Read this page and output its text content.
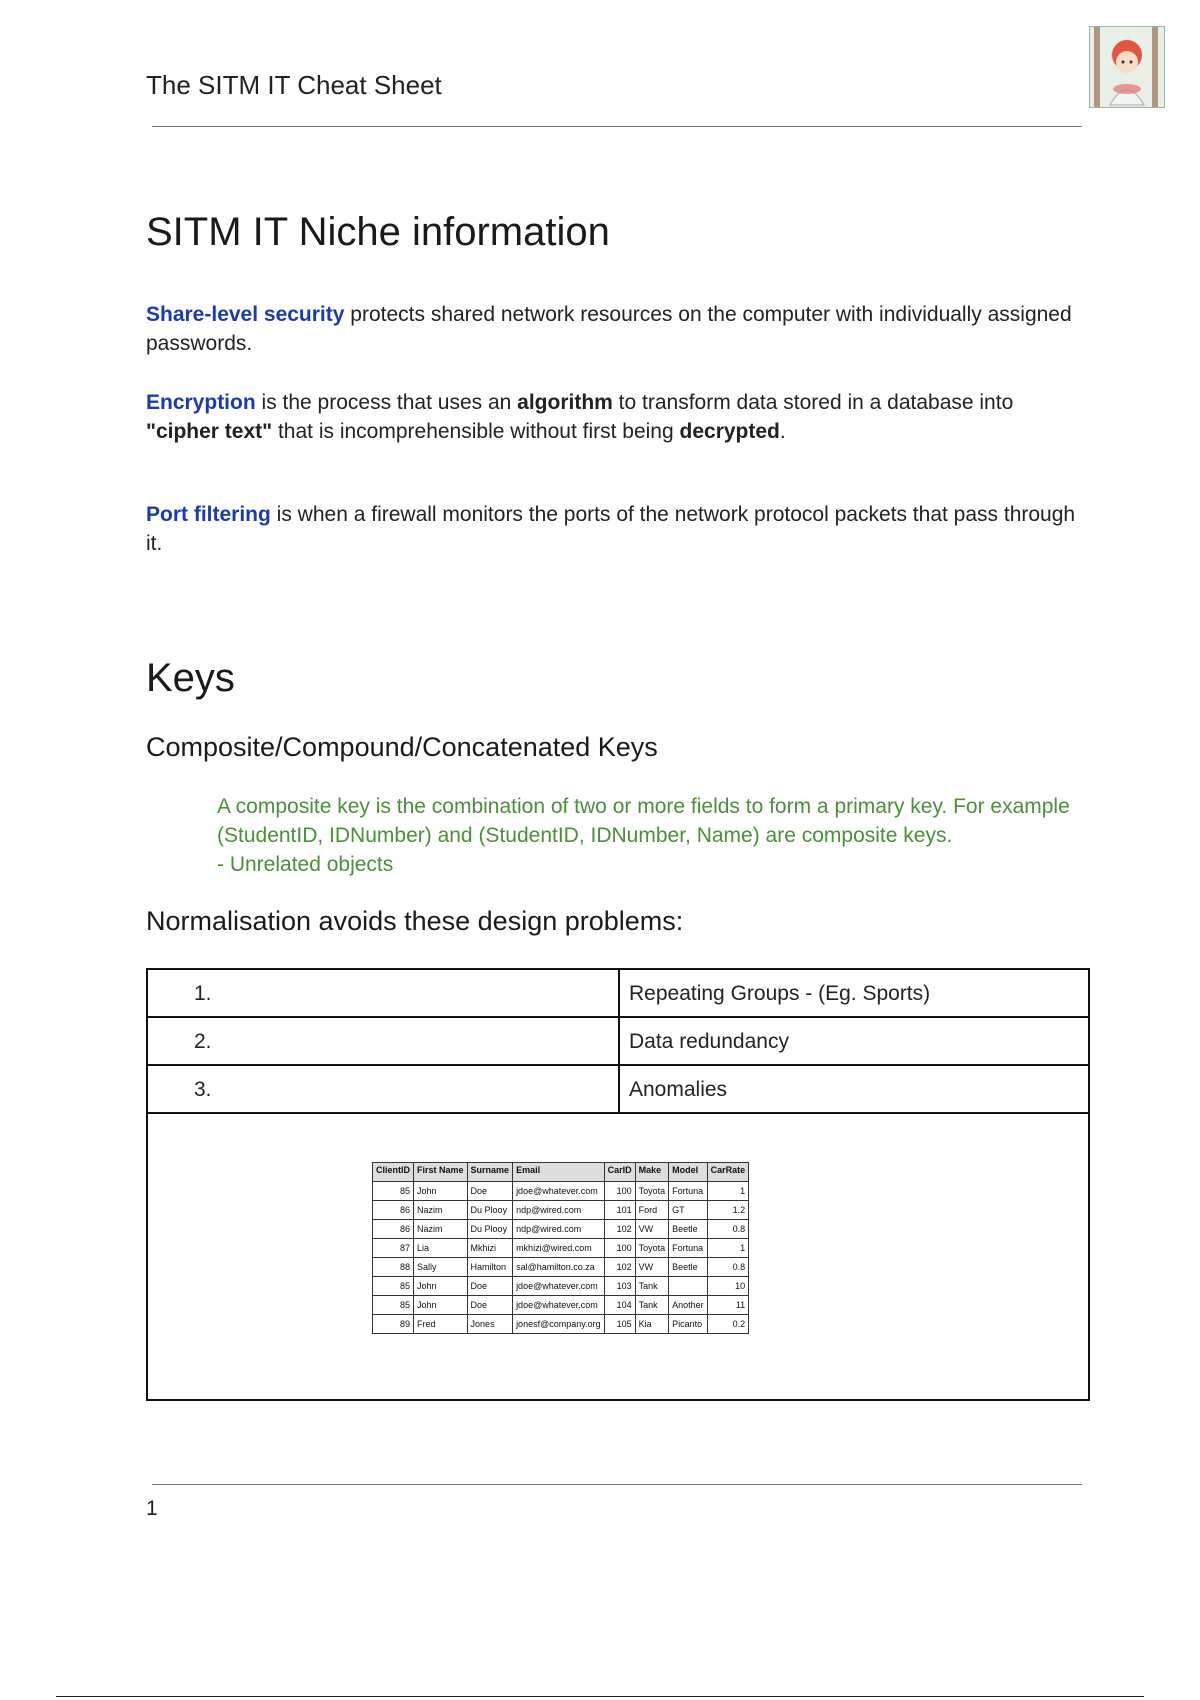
The SITM IT Cheat Sheet
SITM IT Niche information
Share-level security protects shared network resources on the computer with individually assigned passwords.
Encryption is the process that uses an algorithm to transform data stored in a database into "cipher text" that is incomprehensible without first being decrypted.
Port filtering is when a firewall monitors the ports of the network protocol packets that pass through it.
Keys
Composite/Compound/Concatenated Keys
A composite key is the combination of two or more fields to form a primary key. For example (StudentID, IDNumber) and (StudentID, IDNumber, Name) are composite keys.
- Unrelated objects
Normalisation avoids these design problems:
1.	Repeating Groups - (Eg. Sports)
2.	Data redundancy
3.	Anomalies
ClientID	First Name	Surname	Email	CarID	Make	Model	CarRate
85	John	Doe	jdoe@whatever.com	100	Toyota	Fortuna	1
86	Nazim	Du Plooy	ndp@wired.com	101	Ford	GT	1.2
86	Nazim	Du Plooy	ndp@wired.com	102	VW	Beetle	0.8
87	Lia	Mkhizi	mkhizi@wired.com	100	Toyota	Fortuna	1
88	Sally	Hamilton	sal@hamilton.co.za	102	VW	Beetle	0.8
85	John	Doe	jdoe@whatever.com	103	Tank		10
85	John	Doe	jdoe@whatever.com	104	Tank	Another	11
89	Fred	Jones	jonesf@company.org	105	Kia	Picanto	0.2
1
